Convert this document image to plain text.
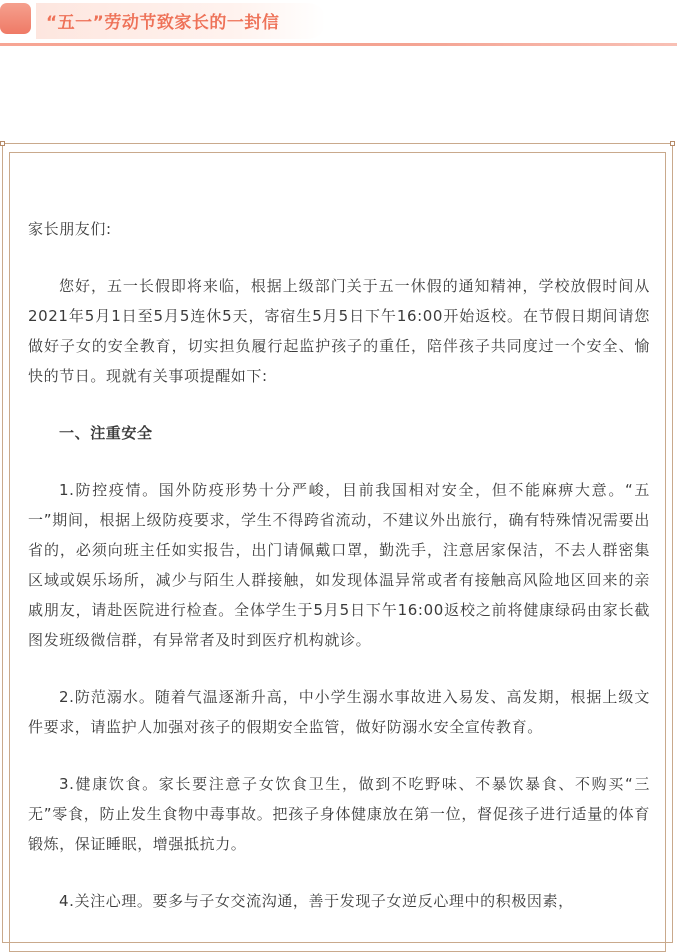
“五一”劳动节致家长的一封信

家长朋友们:

您好，五一长假即将来临，根据上级部门关于五一休假的通知精神，学校放假时间从2021年5月1日至5月5连休5天，寄宿生5月5日下午16:00开始返校。在节假日期间请您做好子女的安全教育，切实担负履行起监护孩子的重任，陪伴孩子共同度过一个安全、愉快的节日。现就有关事项提醒如下:

一、注重安全

1.防控疫情。国外防疫形势十分严峻，目前我国相对安全，但不能麻痹大意。“五一”期间，根据上级防疫要求，学生不得跨省流动，不建议外出旅行，确有特殊情况需要出省的，必须向班主任如实报告，出门请佩戴口罩，勤洗手，注意居家保洁，不去人群密集区域或娱乐场所，减少与陌生人群接触，如发现体温异常或者有接触高风险地区回来的亲戚朋友，请赴医院进行检查。全体学生于5月5日下午16:00返校之前将健康绿码由家长截图发班级微信群，有异常者及时到医疗机构就诊。

2.防范溺水。随着气温逐渐升高，中小学生溺水事故进入易发、高发期，根据上级文件要求，请监护人加强对孩子的假期安全监管，做好防溺水安全宣传教育。

3.健康饮食。家长要注意子女饮食卫生，做到不吃野味、不暴饮暴食、不购买“三无”零食，防止发生食物中毒事故。把孩子身体健康放在第一位，督促孩子进行适量的体育锻炼，保证睡眠，增强抵抗力。

4.关注心理。要多与子女交流沟通，善于发现子女逆反心理中的积极因素，
